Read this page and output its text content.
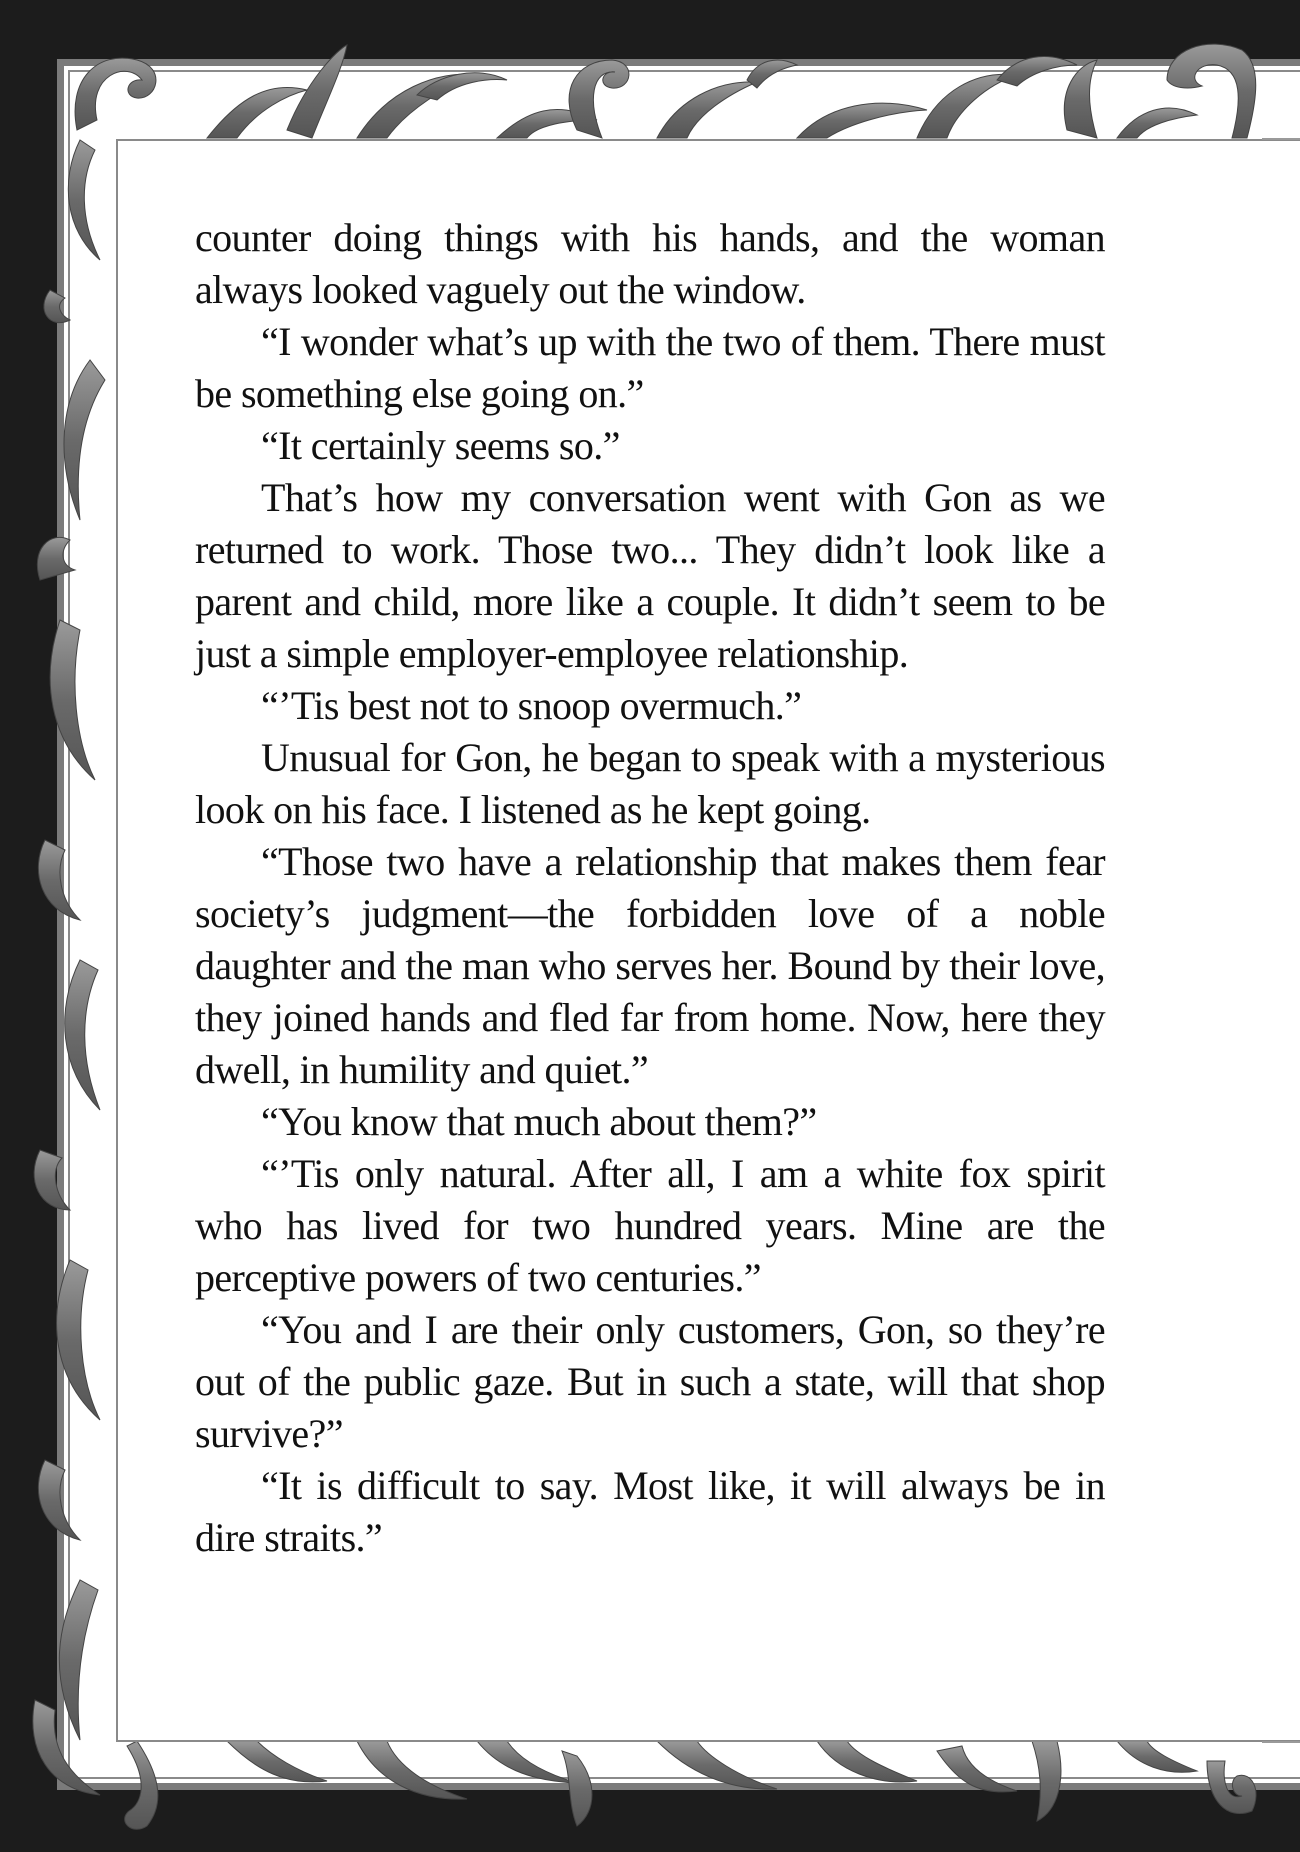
counter doing things with his hands, and the woman always looked vaguely out the window.

“I wonder what’s up with the two of them. There must be something else going on.”

“It certainly seems so.”

That’s how my conversation went with Gon as we returned to work. Those two... They didn’t look like a parent and child, more like a couple. It didn’t seem to be just a simple employer-employee relationship.

“’Tis best not to snoop overmuch.”

Unusual for Gon, he began to speak with a mysterious look on his face. I listened as he kept going.

“Those two have a relationship that makes them fear society’s judgment—the forbidden love of a noble daughter and the man who serves her. Bound by their love, they joined hands and fled far from home. Now, here they dwell, in humility and quiet.”

“You know that much about them?”

“’Tis only natural. After all, I am a white fox spirit who has lived for two hundred years. Mine are the perceptive powers of two centuries.”

“You and I are their only customers, Gon, so they’re out of the public gaze. But in such a state, will that shop survive?”

“It is difficult to say. Most like, it will always be in dire straits.”
